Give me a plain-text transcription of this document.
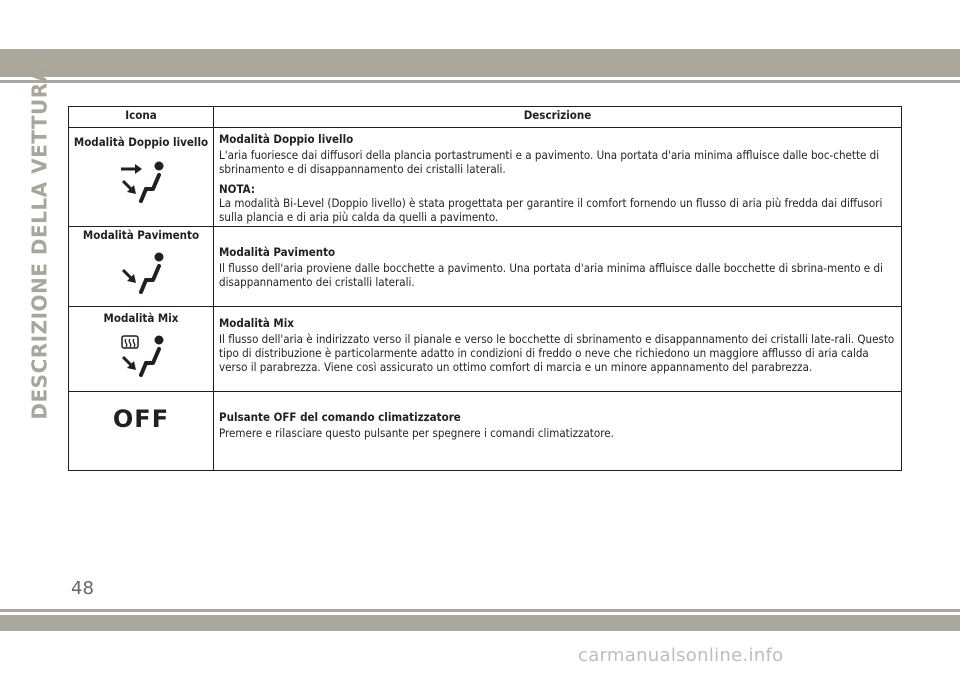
DESCRIZIONE DELLA VETTURA	Icona	Descrizione

Modalità Doppio livello	Modalità Doppio livello
L'aria fuoriesce dai diffusori della plancia portastrumenti e a pavimento. Una portata d'aria minima affluisce dalle boc-chette di sbrinamento e di disappannamento dei cristalli laterali.
NOTA:
La modalità Bi-Level (Doppio livello) è stata progettata per garantire il comfort fornendo un flusso di aria più fredda dai diffusori sulla plancia e di aria più calda da quelli a pavimento.

Modalità Pavimento	Modalità Pavimento
Il flusso dell'aria proviene dalle bocchette a pavimento. Una portata d'aria minima affluisce dalle bocchette di sbrina-mento e di disappannamento dei cristalli laterali.

Modalità Mix	Modalità Mix
Il flusso dell'aria è indirizzato verso il pianale e verso le bocchette di sbrinamento e disappannamento dei cristalli late-rali. Questo tipo di distribuzione è particolarmente adatto in condizioni di freddo o neve che richiedono un maggiore afflusso di aria calda verso il parabrezza. Viene così assicurato un ottimo comfort di marcia e un minore appannamento del parabrezza.

OFF	Pulsante OFF del comando climatizzatore
Premere e rilasciare questo pulsante per spegnere i comandi climatizzatore.
48
carmanualsonline.info
